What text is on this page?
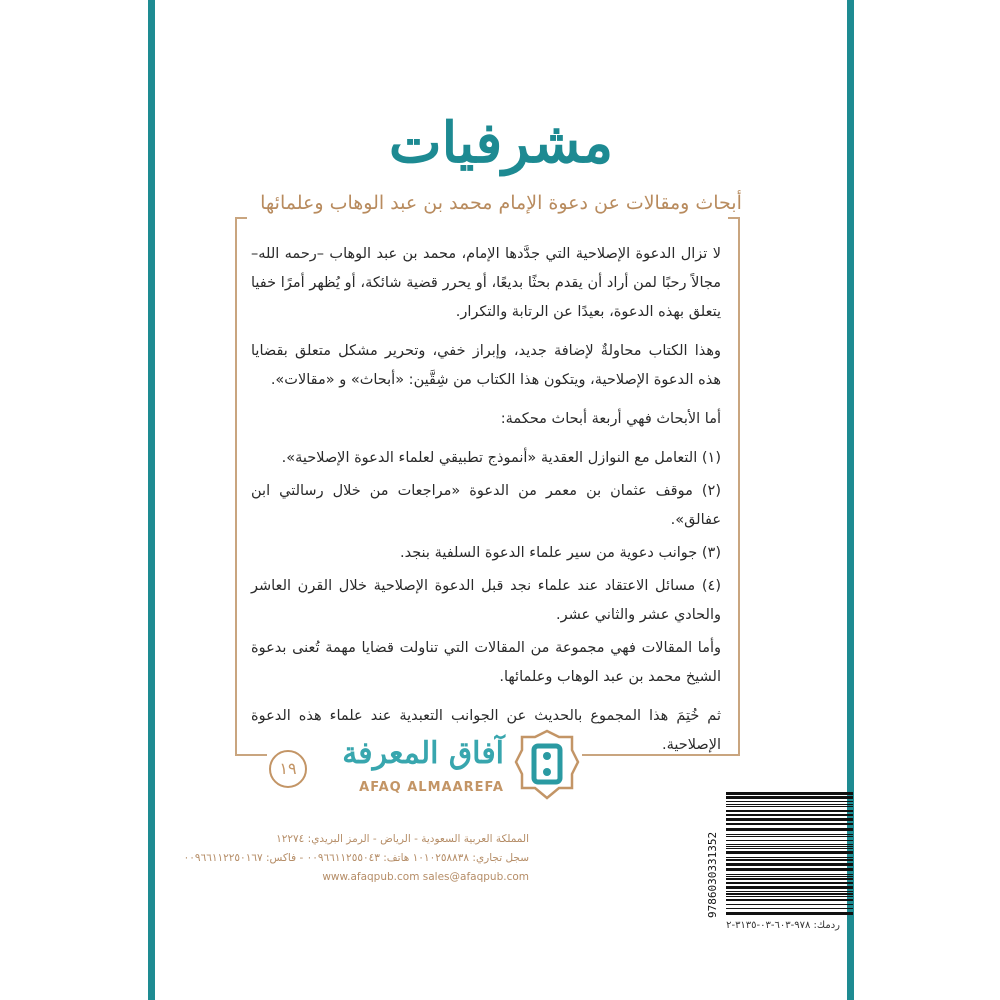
مشرفيات
أبحاث ومقالات عن دعوة الإمام محمد بن عبد الوهاب وعلمائها

لا تزال الدعوة الإصلاحية التي جدَّدها الإمام، محمد بن عبد الوهاب –رحمه الله– مجالاً رحبًا لمن أراد أن يقدم بحثًا بديعًا، أو يحرر قضية شائكة، أو يُظهر أمرًا خفيا يتعلق بهذه الدعوة، بعيدًا عن الرتابة والتكرار.

وهذا الكتاب محاولةٌ لإضافة جديد، وإبراز خفي، وتحرير مشكل متعلق بقضايا هذه الدعوة الإصلاحية، ويتكون هذا الكتاب من شِقَّين: «أبحاث» و «مقالات».

أما الأبحاث فهي أربعة أبحاث محكمة:

(١) التعامل مع النوازل العقدية «أنموذج تطبيقي لعلماء الدعوة الإصلاحية».
(٢) موقف عثمان بن معمر من الدعوة «مراجعات من خلال رسالتي ابن عفالق».
(٣) جوانب دعوية من سير علماء الدعوة السلفية بنجد.
(٤) مسائل الاعتقاد عند علماء نجد قبل الدعوة الإصلاحية خلال القرن العاشر والحادي عشر والثاني عشر.

وأما المقالات فهي مجموعة من المقالات التي تناولت قضايا مهمة تُعنى بدعوة الشيخ محمد بن عبد الوهاب وعلمائها.

ثم خُتِمَ هذا المجموع بالحديث عن الجوانب التعبدية عند علماء هذه الدعوة الإصلاحية.

آفاق المعرفة
AFAQ ALMAAREFA
١٩
المملكة العربية السعودية - الرياض - الرمز البريدي: ١٢٢٧٤
سجل تجاري: ١٠١٠٢٥٨٨٣٨ هاتف: ٠٠٩٦٦١١٢٥٥٠٤٣ - فاكس: ٠٠٩٦٦١١٢٢٥٠١٦٧
www.afaqpub.com sales@afaqpub.com	9786030331352
ردمك: ٩٧٨-٦٠٣-٠٣-٣١٣٥-٢
